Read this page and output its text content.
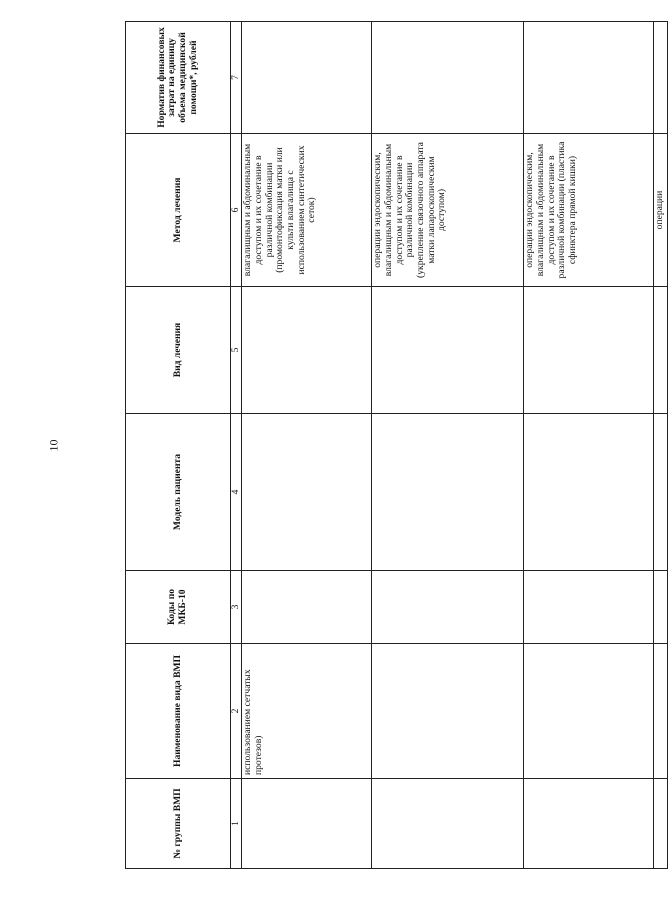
10
№ группы ВМП	Наименование вида ВМП	Коды по МКБ-10	Модель пациента	Вид лечения	Метод лечения	Норматив финансовых затрат на единицу объема медицинской помощи*, рублей
1	2	3	4	5	6	7
	использованием сетчатых протезов)				влагалищным и абдоминальным доступом и их сочетание в различной комбинации (промонтофиксация матки или культи влагалища с использованием синтетических сеток)	
					операции эндоскопическим, влагалищным и абдоминальным доступом и их сочетание в различной комбинации (укрепление связочного аппарата матки лапароскопическим доступом)	
					операции эндоскопическим, влагалищным и абдоминальным доступом и их сочетание в различной комбинации (пластика сфинктера прямой кишки)	
					операции	
